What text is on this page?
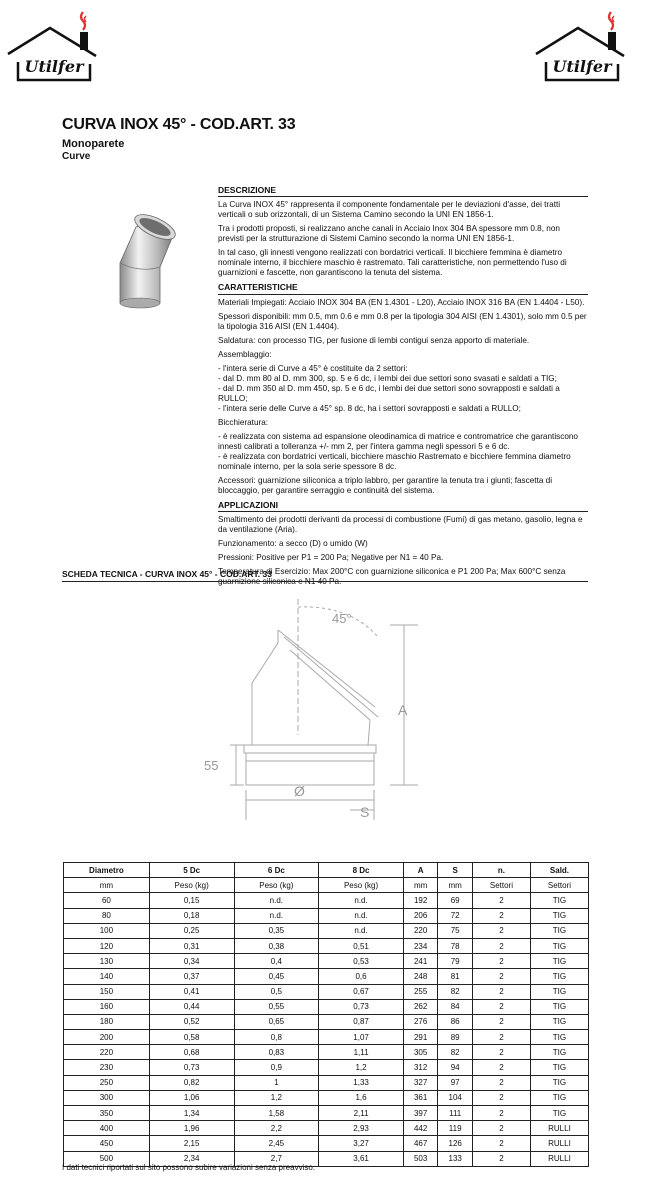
Utilfer	Utilfer
CURVA INOX 45° - COD.ART. 33
Monoparete
Curve
DESCRIZIONE

La Curva INOX 45° rappresenta il componente fondamentale per le deviazioni d'asse, dei tratti verticali o sub orizzontali, di un Sistema Camino secondo la UNI EN 1856-1.

Tra i prodotti proposti, si realizzano anche canali in Acciaio Inox 304 BA spessore mm 0.8, non previsti per la strutturazione di Sistemi Camino secondo la norma UNI EN 1856-1.

In tal caso, gli innesti vengono realizzati con bordatrici verticali. Il bicchiere femmina è diametro nominale interno, il bicchiere maschio è rastremato. Tali caratteristiche, non permettendo l'uso di guarnizioni e fascette, non garantiscono la tenuta del sistema.

CARATTERISTICHE

Materiali Impiegati: Acciaio INOX 304 BA (EN 1.4301 - L20), Acciaio INOX 316 BA (EN 1.4404 - L50).

Spessori disponibili: mm 0.5, mm 0.6 e mm 0.8 per la tipologia 304 AISI (EN 1.4301), solo mm 0.5 per la tipologia 316 AISI (EN 1.4404).

Saldatura: con processo TIG, per fusione di lembi contigui senza apporto di materiale.

Assemblaggio:

- l'intera serie di Curve a 45° è costituite da 2 settori:

- dal D. mm 80 al D. mm 300, sp. 5 e 6 dc, i lembi dei due settori sono svasati e saldati a TIG;

- dal D. mm 350 al D. mm 450, sp. 5 e 6 dc, i lembi dei due settori sono sovrapposti e saldati a RULLO;

- l'intera serie delle Curve a 45° sp. 8 dc, ha i settori sovrapposti e saldati a RULLO;

Bicchieratura:

- è realizzata con sistema ad espansione oleodinamica di matrice e contromatrice che garantiscono innesti calibrati a tolleranza +/- mm 2, per l'intera gamma negli spessori 5 e 6 dc.

- è realizzata con bordatrici verticali, bicchiere maschio Rastremato e bicchiere femmina diametro nominale interno, per la sola serie spessore 8 dc.

Accessori: guarnizione siliconica a triplo labbro, per garantire la tenuta tra i giunti; fascetta di bloccaggio, per garantire serraggio e continuità del sistema.

APPLICAZIONI

Smaltimento dei prodotti derivanti da processi di combustione (Fumi) di gas metano, gasolio, legna e da ventilazione (Aria).

Funzionamento: a secco (D) o umido (W)

Pressioni: Positive per P1 = 200 Pa; Negative per N1 = 40 Pa.

Temperatura di Esercizio: Max 200°C con guarnizione siliconica e P1 200 Pa; Max 600°C senza guarnizione siliconica e N1 40 Pa.

SCHEDA TECNICA - CURVA INOX 45° - COD.ART. 33
45°
A
55
Ø
S
Diametro	5 Dc	6 Dc	8 Dc	A	S	n.	Sald.
mm	Peso (kg)	Peso (kg)	Peso (kg)	mm	mm	Settori	Settori
60	0,15	n.d.	n.d.	192	69	2	TIG
80	0,18	n.d.	n.d.	206	72	2	TIG
100	0,25	0,35	n.d.	220	75	2	TIG
120	0,31	0,38	0,51	234	78	2	TIG
130	0,34	0,4	0,53	241	79	2	TIG
140	0,37	0,45	0,6	248	81	2	TIG
150	0,41	0,5	0,67	255	82	2	TIG
160	0,44	0,55	0,73	262	84	2	TIG
180	0,52	0,65	0,87	276	86	2	TIG
200	0,58	0,8	1,07	291	89	2	TIG
220	0,68	0,83	1,11	305	82	2	TIG
230	0,73	0,9	1,2	312	94	2	TIG
250	0,82	1	1,33	327	97	2	TIG
300	1,06	1,2	1,6	361	104	2	TIG
350	1,34	1,58	2,11	397	111	2	TIG
400	1,96	2,2	2,93	442	119	2	RULLI
450	2,15	2,45	3,27	467	126	2	RULLI
500	2,34	2,7	3,61	503	133	2	RULLI
I dati tecnici riportati sul sito possono subire variazioni senza preavviso.
